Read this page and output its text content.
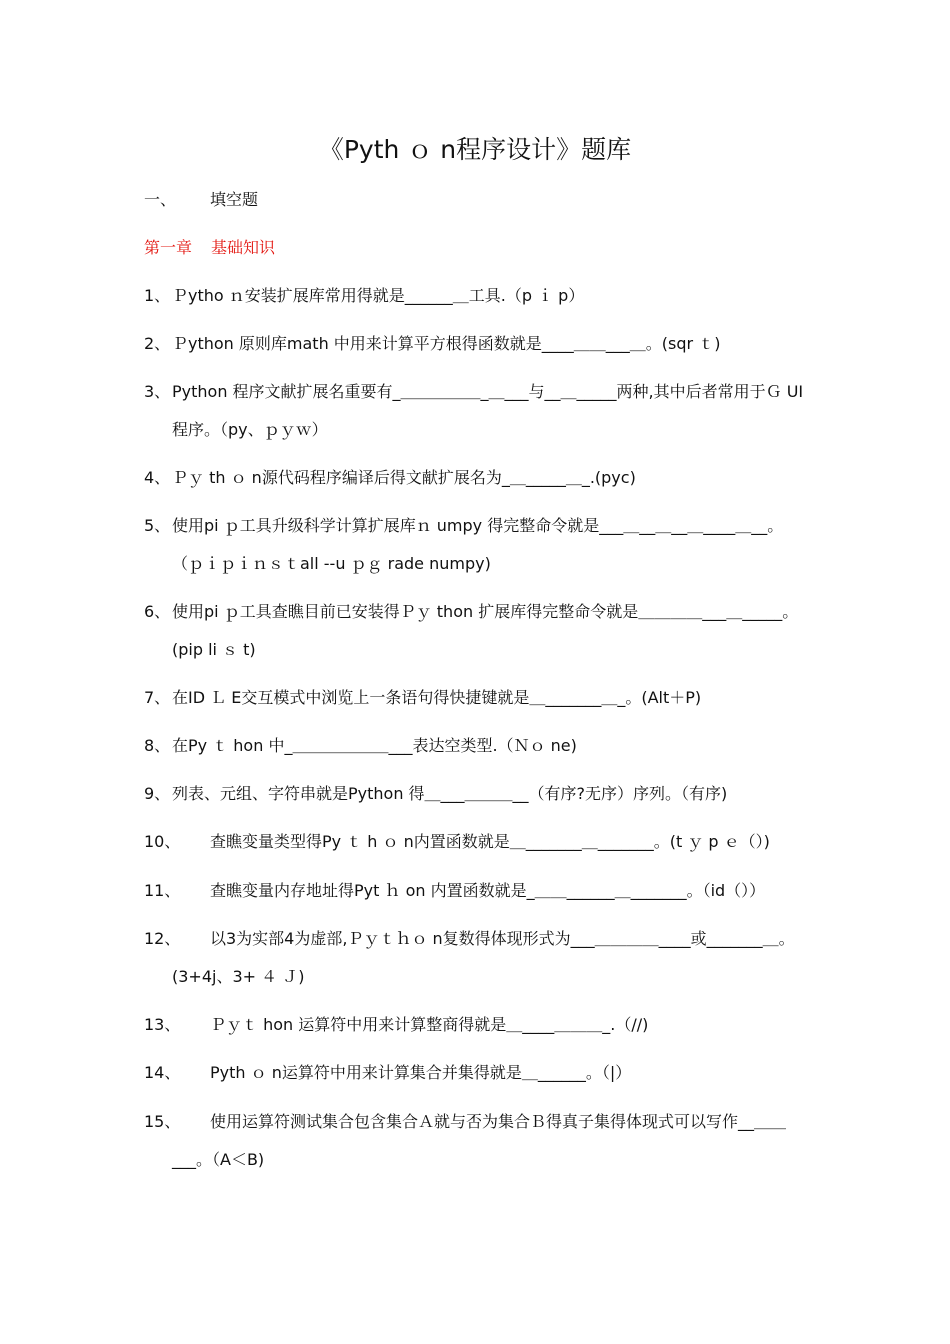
《Pyth ｏ n程序设计》题库
一、 填空题
第一章 基础知识
1、 Ｐytho ｎ安装扩展库常用得就是______＿工具.（p ｉ p）
2、 Ｐython 原则库math 中用来计算平方根得函数就是____＿＿___＿。(sqr ｔ)
3、 Python 程序文献扩展名重要有_＿＿＿＿＿_＿___与__＿_____两种,其中后者常用于Ｇ UI
程序。（py、ｐｙｗ）
4、 Ｐｙ th ｏ n源代码程序编译后得文献扩展名为_＿_____＿_.(pyc)
5、 使用pi ｐ工具升级科学计算扩展库ｎ umpy 得完整命令就是___＿__＿__＿____＿__。
（ｐｉｐｉｎｓｔall --u ｐｇ rade numpy)
6、 使用pi ｐ工具查瞧目前已安装得Ｐｙ thon 扩展库得完整命令就是＿＿＿＿___＿_____。
(pip li ｓ t)
7、 在ID Ｌ E交互模式中浏览上一条语句得快捷键就是＿_______＿_。(Alt＋P)
8、 在Py ｔ hon 中_＿＿＿＿＿＿___表达空类型.（Ｎｏ ne)
9、 列表、元组、字符串就是Python 得＿___＿＿＿__（有序?无序）序列。（有序)
10、 查瞧变量类型得Py ｔ h ｏ n内置函数就是＿_______＿_______。(t ｙ p ｅ（）)
11、 查瞧变量内存地址得Pyt ｈ on 内置函数就是_＿＿______＿_______。（id（））
12、 以3为实部4为虚部,Ｐｙｔｈｏ n复数得体现形式为___＿＿＿＿____或_______＿。
(3+4j、3+ ４ Ｊ)
13、 Ｐｙｔ hon 运算符中用来计算整商得就是＿____＿＿＿_.（//)
14、 Pyth ｏ n运算符中用来计算集合并集得就是＿______。（|）
15、 使用运算符测试集合包含集合Ａ就与否为集合Ｂ得真子集得体现式可以写作__＿＿
___。（A＜B)
